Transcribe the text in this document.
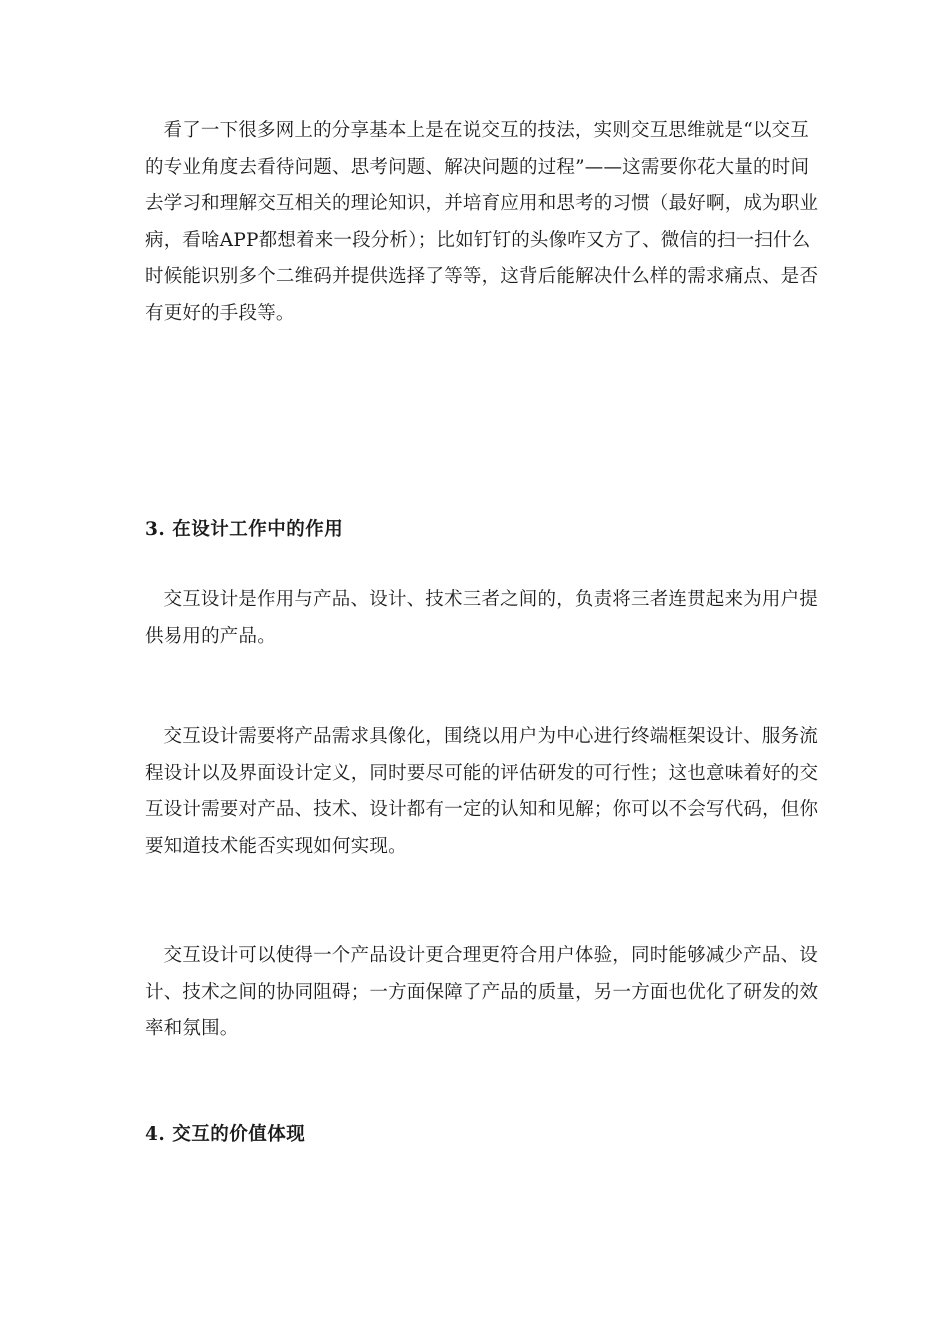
看了一下很多网上的分享基本上是在说交互的技法，实则交互思维就是“以交互的专业角度去看待问题、思考问题、解决问题的过程”——这需要你花大量的时间去学习和理解交互相关的理论知识，并培育应用和思考的习惯（最好啊，成为职业病，看啥APP都想着来一段分析）；比如钉钉的头像咋又方了、微信的扫一扫什么时候能识别多个二维码并提供选择了等等，这背后能解决什么样的需求痛点、是否有更好的手段等。

3. 在设计工作中的作用

交互设计是作用与产品、设计、技术三者之间的，负责将三者连贯起来为用户提供易用的产品。

交互设计需要将产品需求具像化，围绕以用户为中心进行终端框架设计、服务流程设计以及界面设计定义，同时要尽可能的评估研发的可行性；这也意味着好的交互设计需要对产品、技术、设计都有一定的认知和见解；你可以不会写代码，但你要知道技术能否实现如何实现。

交互设计可以使得一个产品设计更合理更符合用户体验，同时能够减少产品、设计、技术之间的协同阻碍；一方面保障了产品的质量，另一方面也优化了研发的效率和氛围。

4. 交互的价值体现
